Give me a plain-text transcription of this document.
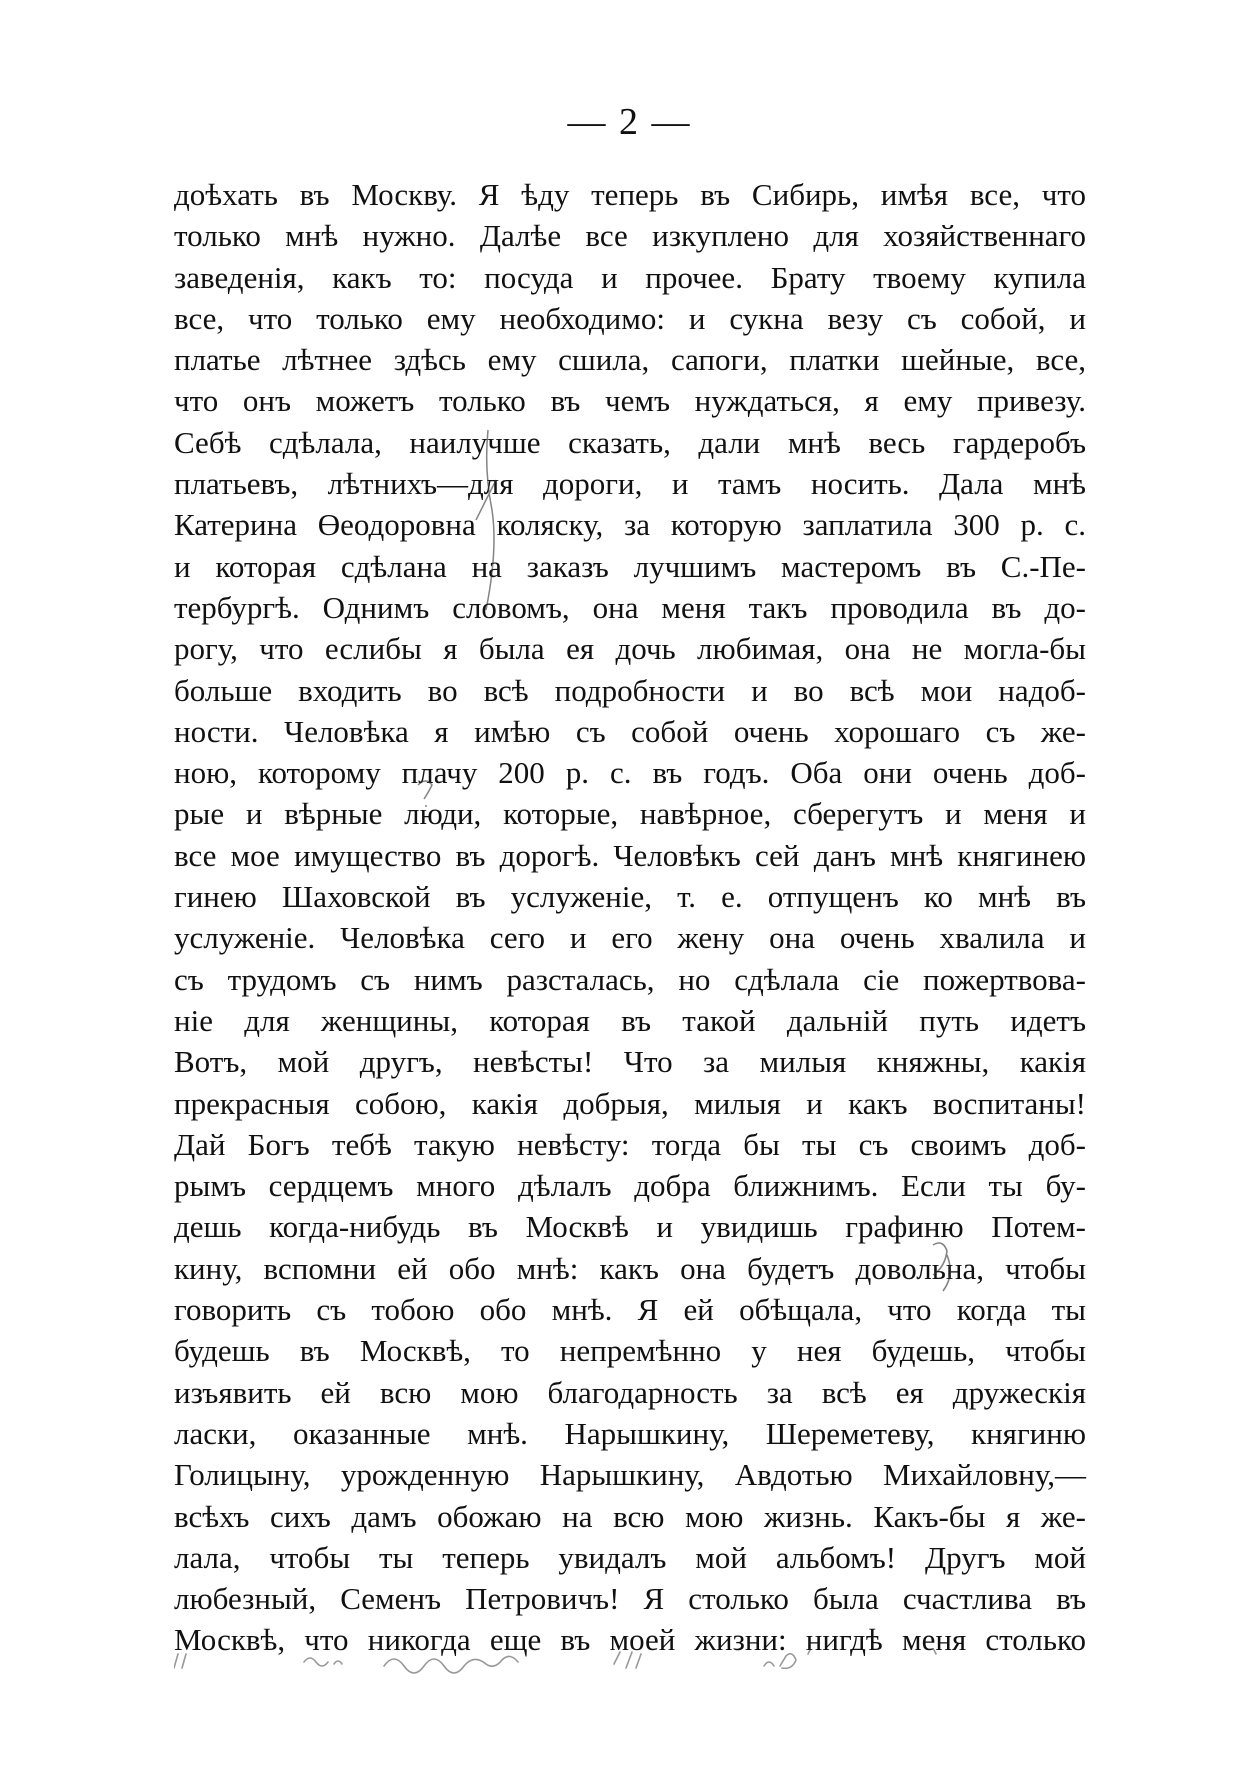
— 2 —
доѣхать въ Москву. Я ѣду теперь въ Сибирь, имѣя все, что
только мнѣ нужно. Далѣе все изкуплено для хозяйственнаго
заведенія, какъ то: посуда и прочее. Брату твоему купила
все, что только ему необходимо: и сукна везу съ собой, и
платье лѣтнее здѣсь ему сшила, сапоги, платки шейные, все,
что онъ можетъ только въ чемъ нуждаться, я ему привезу.
Себѣ сдѣлала, наилучше сказать, дали мнѣ весь гардеробъ
платьевъ, лѣтнихъ—для дороги, и тамъ носить. Дала мнѣ
Катерина Өеодоровна коляску, за которую заплатила 300 р. с.
и которая сдѣлана на заказъ лучшимъ мастеромъ въ С.-Пе-
тербургѣ. Однимъ словомъ, она меня такъ проводила въ до-
рогу, что еслибы я была ея дочь любимая, она не могла-бы
больше входить во всѣ подробности и во всѣ мои надоб-
ности. Человѣка я имѣю съ собой очень хорошаго съ же-
ною, которому плачу 200 р. с. въ годъ. Оба они очень доб-
рые и вѣрные люди, которые, навѣрное, сберегутъ и меня и
все мое имущество въ дорогѣ. Человѣкъ сей данъ мнѣ княгинею
гинею Шаховской въ услуженіе, т. е. отпущенъ ко мнѣ въ
услуженіе. Человѣка сего и его жену она очень хвалила и
съ трудомъ съ нимъ разсталась, но сдѣлала сіе пожертвова-
ніе для женщины, которая въ такой дальній путь идетъ
Вотъ, мой другъ, невѣсты! Что за милыя княжны, какія
прекрасныя собою, какія добрыя, милыя и какъ воспитаны!
Дай Богъ тебѣ такую невѣсту: тогда бы ты съ своимъ доб-
рымъ сердцемъ много дѣлалъ добра ближнимъ. Если ты бу-
дешь когда-нибудь въ Москвѣ и увидишь графиню Потем-
кину, вспомни ей обо мнѣ: какъ она будетъ довольна, чтобы
говорить съ тобою обо мнѣ. Я ей обѣщала, что когда ты
будешь въ Москвѣ, то непремѣнно у нея будешь, чтобы
изъявить ей всю мою благодарность за всѣ ея дружескія
ласки, оказанные мнѣ. Нарышкину, Шереметеву, княгиню
Голицыну, урожденную Нарышкину, Авдотью Михайловну,—
всѣхъ сихъ дамъ обожаю на всю мою жизнь. Какъ-бы я же-
лала, чтобы ты теперь увидалъ мой альбомъ! Другъ мой
любезный, Семенъ Петровичъ! Я столько была счастлива въ
Москвѣ, что никогда еще въ моей жизни: нигдѣ меня столько
